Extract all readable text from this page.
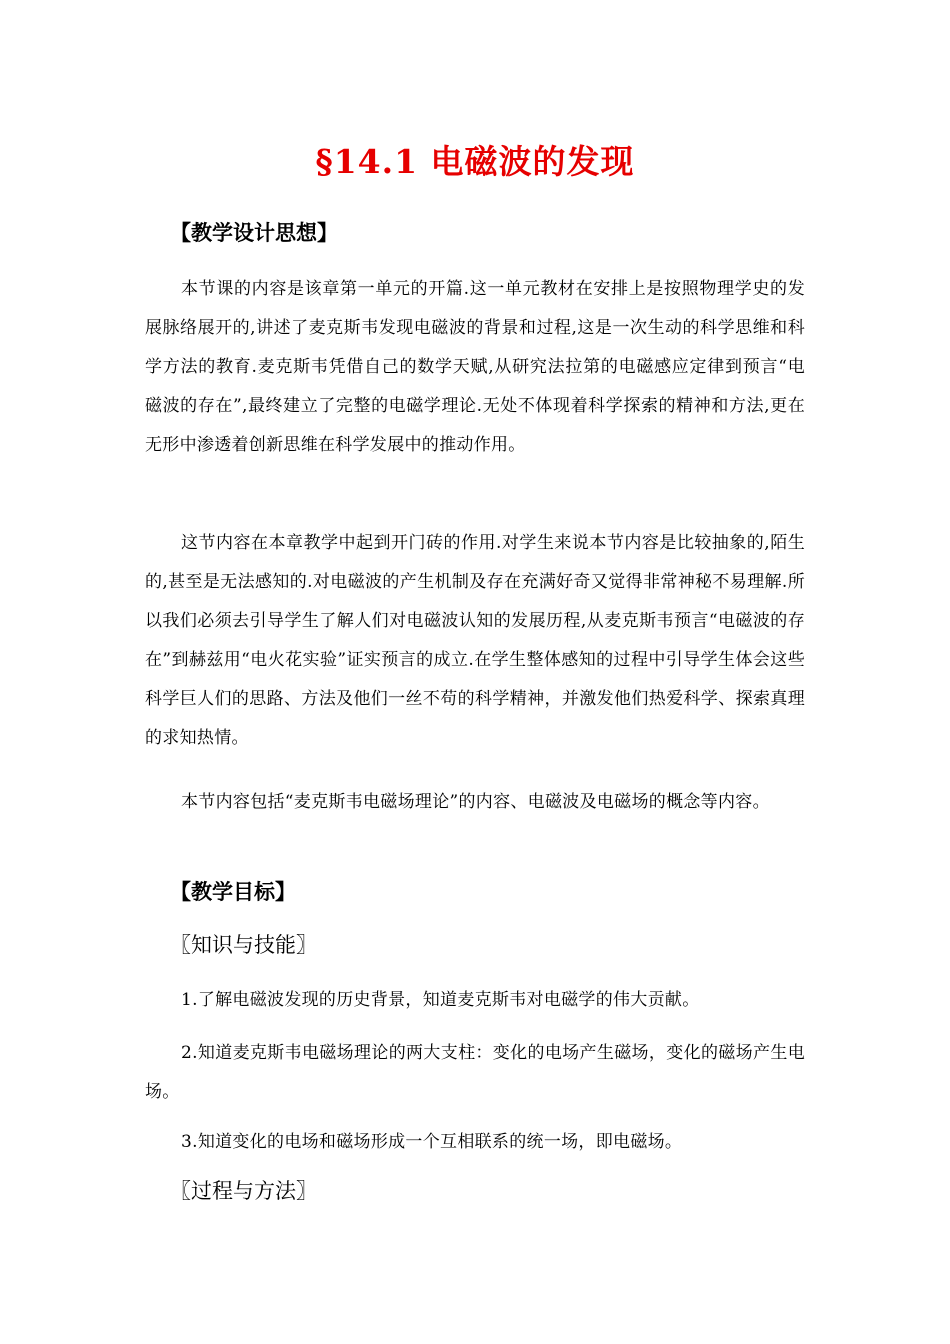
§14.1 电磁波的发现
【教学设计思想】
本节课的内容是该章第一单元的开篇.这一单元教材在安排上是按照物理学史的发展脉络展开的,讲述了麦克斯韦发现电磁波的背景和过程,这是一次生动的科学思维和科学方法的教育.麦克斯韦凭借自己的数学天赋,从研究法拉第的电磁感应定律到预言“电磁波的存在”,最终建立了完整的电磁学理论.无处不体现着科学探索的精神和方法,更在无形中渗透着创新思维在科学发展中的推动作用。
这节内容在本章教学中起到开门砖的作用.对学生来说本节内容是比较抽象的,陌生的,甚至是无法感知的.对电磁波的产生机制及存在充满好奇又觉得非常神秘不易理解.所以我们必须去引导学生了解人们对电磁波认知的发展历程,从麦克斯韦预言“电磁波的存在”到赫兹用“电火花实验”证实预言的成立.在学生整体感知的过程中引导学生体会这些科学巨人们的思路、方法及他们一丝不苟的科学精神，并激发他们热爱科学、探索真理的求知热情。
本节内容包括“麦克斯韦电磁场理论”的内容、电磁波及电磁场的概念等内容。
【教学目标】
〖知识与技能〗
1.了解电磁波发现的历史背景，知道麦克斯韦对电磁学的伟大贡献。
2.知道麦克斯韦电磁场理论的两大支柱：变化的电场产生磁场，变化的磁场产生电场。
3.知道变化的电场和磁场形成一个互相联系的统一场，即电磁场。
〖过程与方法〗
